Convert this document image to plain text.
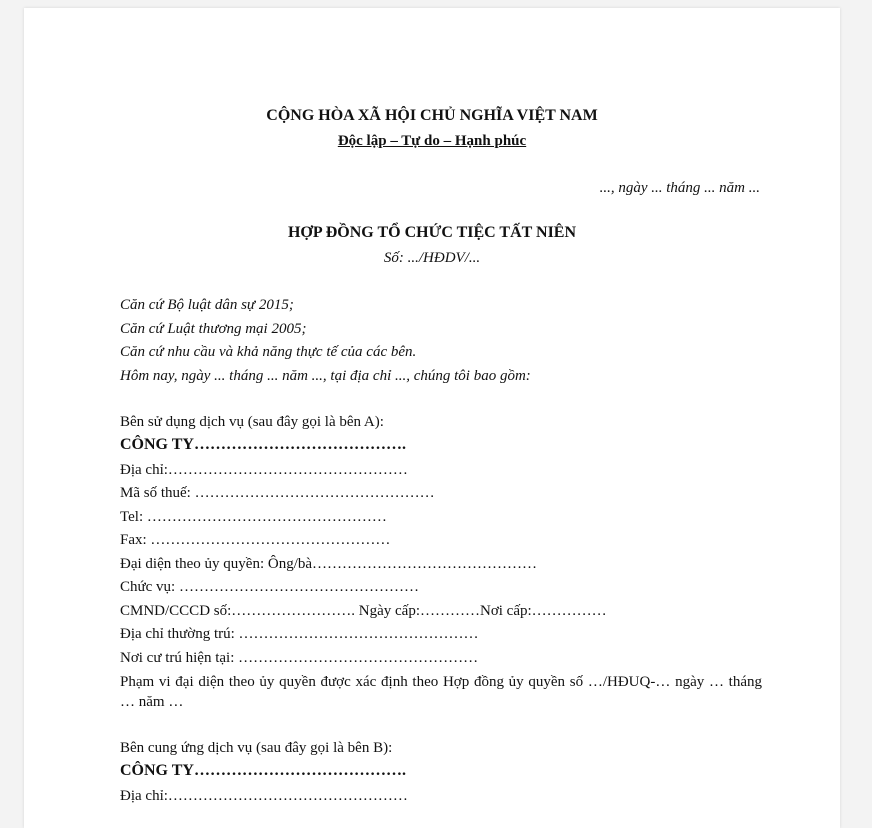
CỘNG HÒA XÃ HỘI CHỦ NGHĨA VIỆT NAM
Độc lập – Tự do – Hạnh phúc
..., ngày ... tháng ... năm ...
HỢP ĐỒNG TỔ CHỨC TIỆC TẤT NIÊN
Số: .../HĐDV/...
Căn cứ Bộ luật dân sự 2015;
Căn cứ Luật thương mại 2005;
Căn cứ nhu cầu và khả năng thực tế của các bên.
Hôm nay, ngày ... tháng ... năm ..., tại địa chỉ ..., chúng tôi bao gồm:
Bên sử dụng dịch vụ (sau đây gọi là bên A):
CÔNG TY………………………………….
Địa chỉ:…………………………………………
Mã số thuế: …………………………………………
Tel: …………………………………………
Fax: …………………………………………
Đại diện theo ủy quyền: Ông/bà………………………………………
Chức vụ: …………………………………………
CMND/CCCD số:……………………. Ngày cấp:…………Nơi cấp:……………
Địa chỉ thường trú: …………………………………………
Nơi cư trú hiện tại: …………………………………………
Phạm vi đại diện theo ủy quyền được xác định theo Hợp đồng ủy quyền số …/HĐUQ-… ngày … tháng … năm …
Bên cung ứng dịch vụ (sau đây gọi là bên B):
CÔNG TY………………………………….
Địa chỉ:…………………………………………
